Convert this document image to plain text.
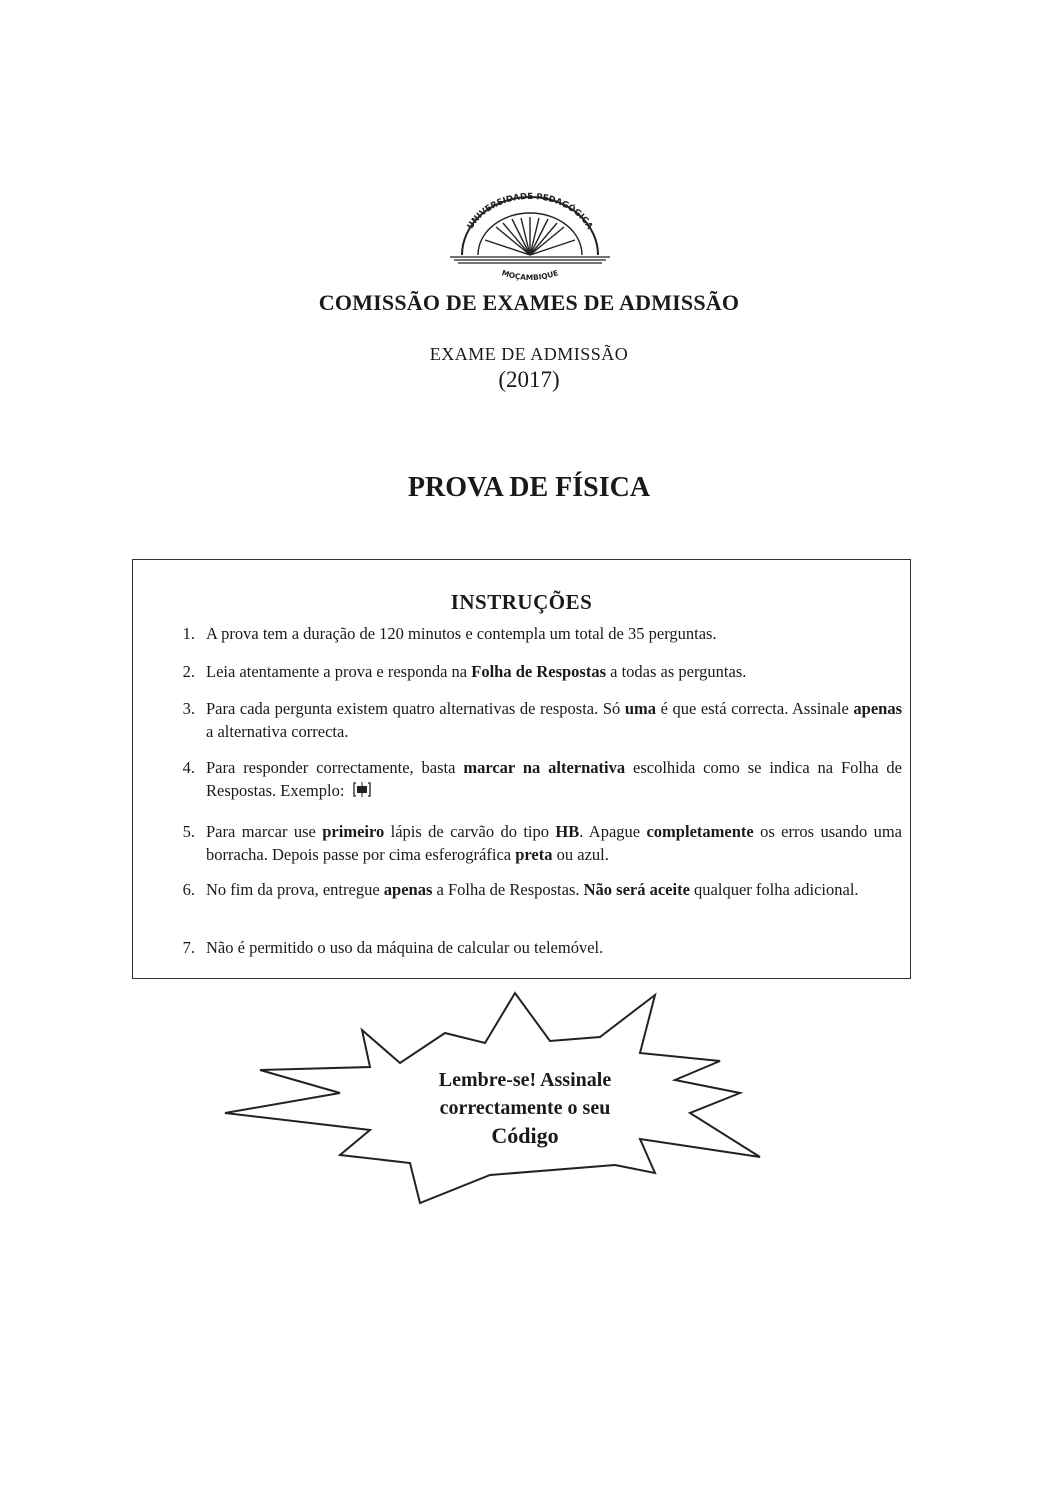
UNIVERSIDADE PEDAGÓGICA
MOÇAMBIQUE
COMISSÃO DE EXAMES DE ADMISSÃO
EXAME DE ADMISSÃO
(2017)
PROVA DE FÍSICA
INSTRUÇÕES
1. A prova tem a duração de 120 minutos e contempla um total de 35 perguntas.
2. Leia atentamente a prova e responda na Folha de Respostas a todas as perguntas.
3. Para cada pergunta existem quatro alternativas de resposta. Só uma é que está correcta. Assinale apenas a alternativa correcta.
4. Para responder correctamente, basta marcar na alternativa escolhida como se indica na Folha de Respostas. Exemplo:
5. Para marcar use primeiro lápis de carvão do tipo HB. Apague completamente os erros usando uma borracha. Depois passe por cima esferográfica preta ou azul.
6. No fim da prova, entregue apenas a Folha de Respostas. Não será aceite qualquer folha adicional.
7. Não é permitido o uso da máquina de calcular ou telemóvel.
Lembre-se! Assinale
correctamente o seu
Código
